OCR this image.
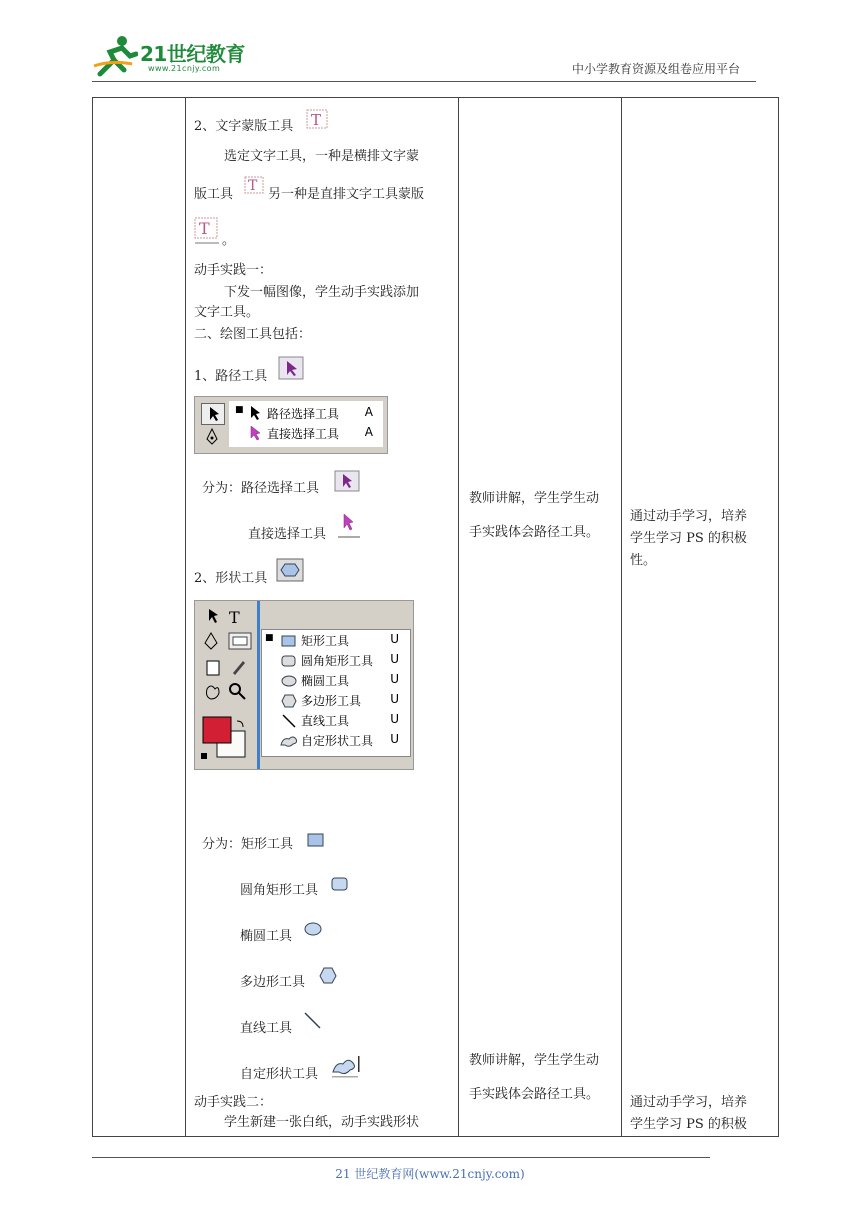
21世纪教育
www.21cnjy.com	中小学教育资源及组卷应用平台

2、文字蒙版工具 T
选定文字工具，一种是横排文字蒙
版工具
T
另一种是直排文字工具蒙版
T
。
动手实践一：
下发一幅图像，学生动手实践添加
文字工具。
二、绘图工具包括：
1、路径工具
■ 路径选择工具 A
直接选择工具 A
分为：路径选择工具
直接选择工具
2、形状工具
T
■ 矩形工具	U
圆角矩形工具 U
椭圆工具	U
多边形工具 U
直线工具	U
自定形状工具 U
分为：矩形工具
圆角矩形工具
椭圆工具
多边形工具
直线工具
自定形状工具
动手实践二：
学生新建一张白纸，动手实践形状

教师讲解，学生学生动
手实践体会路径工具。
教师讲解，学生学生动
手实践体会路径工具。

通过动手学习，培养
学生学习 PS 的积极
性。
通过动手学习，培养
学生学习 PS 的积极
21 世纪教育网(www.21cnjy.com)
